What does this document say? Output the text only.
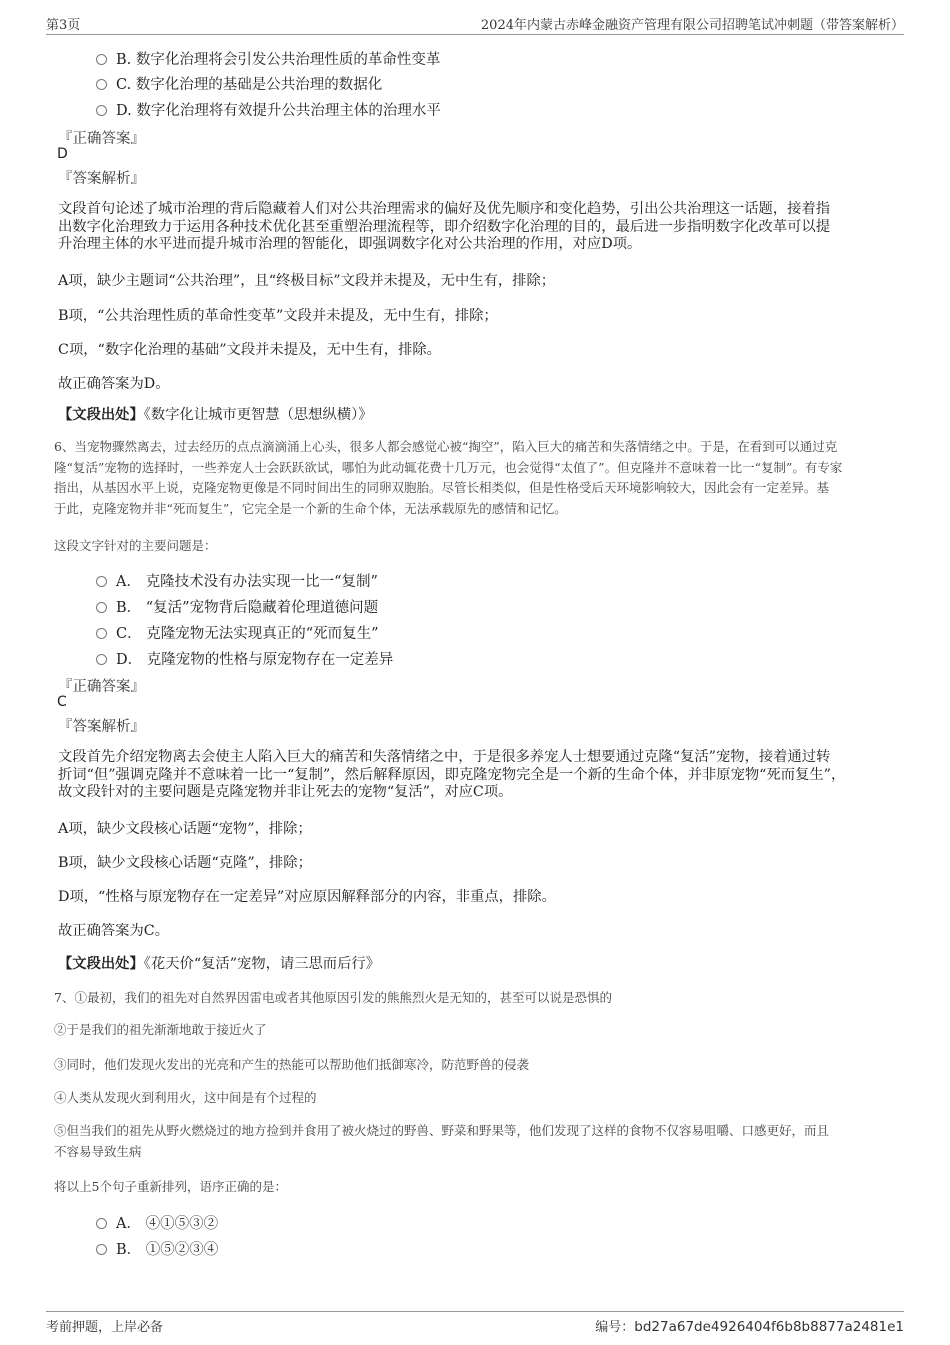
第3页	2024年内蒙古赤峰金融资产管理有限公司招聘笔试冲刺题（带答案解析）
B. 数字化治理将会引发公共治理性质的革命性变革
C. 数字化治理的基础是公共治理的数据化
D. 数字化治理将有效提升公共治理主体的治理水平
『正确答案』
D
『答案解析』
文段首句论述了城市治理的背后隐藏着人们对公共治理需求的偏好及优先顺序和变化趋势，引出公共治理这一话题，接着指
出数字化治理致力于运用各种技术优化甚至重塑治理流程等，即介绍数字化治理的目的，最后进一步指明数字化改革可以提
升治理主体的水平进而提升城市治理的智能化，即强调数字化对公共治理的作用，对应D项。
A项，缺少主题词“公共治理”，且“终极目标”文段并未提及，无中生有，排除；
B项，“公共治理性质的革命性变革”文段并未提及，无中生有，排除；
C项，“数字化治理的基础”文段并未提及，无中生有，排除。
故正确答案为D。
【文段出处】《数字化让城市更智慧（思想纵横）》
6、当宠物骤然离去，过去经历的点点滴滴涌上心头，很多人都会感觉心被“掏空”，陷入巨大的痛苦和失落情绪之中。于是，在看到可以通过克
隆“复活”宠物的选择时，一些养宠人士会跃跃欲试，哪怕为此动辄花费十几万元，也会觉得“太值了”。但克隆并不意味着一比一“复制”。有专家
指出，从基因水平上说，克隆宠物更像是不同时间出生的同卵双胞胎。尽管长相类似，但是性格受后天环境影响较大，因此会有一定差异。基
于此，克隆宠物并非“死而复生”，它完全是一个新的生命个体，无法承载原先的感情和记忆。
这段文字针对的主要问题是：
A． 克隆技术没有办法实现一比一“复制”
B． “复活”宠物背后隐藏着伦理道德问题
C． 克隆宠物无法实现真正的“死而复生”
D． 克隆宠物的性格与原宠物存在一定差异
『正确答案』
C
『答案解析』
文段首先介绍宠物离去会使主人陷入巨大的痛苦和失落情绪之中，于是很多养宠人士想要通过克隆“复活”宠物，接着通过转
折词“但”强调克隆并不意味着一比一“复制”，然后解释原因，即克隆宠物完全是一个新的生命个体，并非原宠物“死而复生”，
故文段针对的主要问题是克隆宠物并非让死去的宠物“复活”，对应C项。
A项，缺少文段核心话题“宠物”，排除；
B项，缺少文段核心话题“克隆”，排除；
D项，“性格与原宠物存在一定差异”对应原因解释部分的内容，非重点，排除。
故正确答案为C。
【文段出处】《花天价“复活”宠物，请三思而后行》
7、①最初，我们的祖先对自然界因雷电或者其他原因引发的熊熊烈火是无知的，甚至可以说是恐惧的
②于是我们的祖先渐渐地敢于接近火了
③同时，他们发现火发出的光亮和产生的热能可以帮助他们抵御寒冷，防范野兽的侵袭
④人类从发现火到利用火，这中间是有个过程的
⑤但当我们的祖先从野火燃烧过的地方捡到并食用了被火烧过的野兽、野菜和野果等，他们发现了这样的食物不仅容易咀嚼、口感更好，而且
不容易导致生病
将以上5个句子重新排列，语序正确的是：
A． ④①⑤③②
B． ①⑤②③④
考前押题，上岸必备	编号：bd27a67de4926404f6b8b8877a2481e1
